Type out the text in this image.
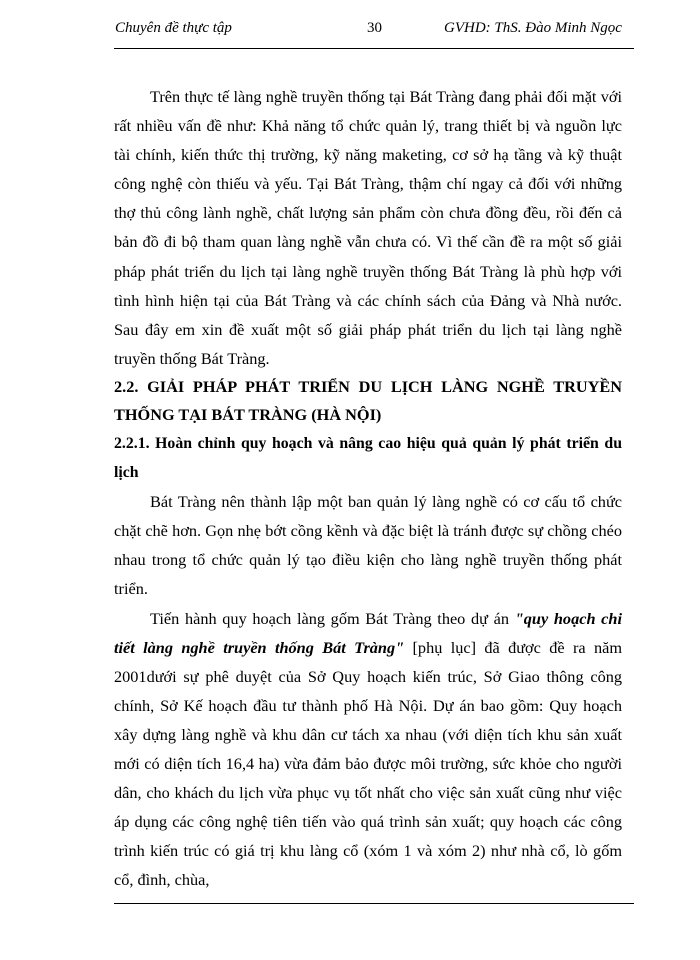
Chuyên đề thực tập	30	GVHD: ThS. Đào Minh Ngọc

Trên thực tế làng nghề truyền thống tại Bát Tràng đang phải đối mặt với rất nhiều vấn đề như: Khả năng tổ chức quản lý, trang thiết bị và nguồn lực tài chính, kiến thức thị trường, kỹ năng maketing, cơ sở hạ tầng và kỹ thuật công nghệ còn thiếu và yếu. Tại Bát Tràng, thậm chí ngay cả đối với những thợ thủ công lành nghề, chất lượng sản phẩm còn chưa đồng đều, rồi đến cả bản đồ đi bộ tham quan làng nghề vẫn chưa có. Vì thế cần đề ra một số giải pháp phát triển du lịch tại làng nghề truyền thống Bát Tràng là phù hợp với tình hình hiện tại của Bát Tràng và các chính sách của Đảng và Nhà nước. Sau đây em xin đề xuất một số giải pháp phát triển du lịch tại làng nghề truyền thống Bát Tràng.

2.2. GIẢI PHÁP PHÁT TRIỂN DU LỊCH LÀNG NGHỀ TRUYỀN THỐNG TẠI BÁT TRÀNG (HÀ NỘI)

2.2.1. Hoàn chỉnh quy hoạch và nâng cao hiệu quả quản lý phát triển du lịch

Bát Tràng nên thành lập một ban quản lý làng nghề có cơ cấu tổ chức chặt chẽ hơn. Gọn nhẹ bớt cồng kềnh và đặc biệt là tránh được sự chồng chéo nhau trong tổ chức quản lý tạo điều kiện cho làng nghề truyền thống phát triển.

Tiến hành quy hoạch làng gốm Bát Tràng theo dự án "quy hoạch chi tiết làng nghề truyền thống Bát Tràng" [phụ lục] đã được đề ra năm 2001dưới sự phê duyệt của Sở Quy hoạch kiến trúc, Sở Giao thông công chính, Sở Kế hoạch đầu tư thành phố Hà Nội. Dự án bao gồm: Quy hoạch xây dựng làng nghề và khu dân cư tách xa nhau (với diện tích khu sản xuất mới có diện tích 16,4 ha) vừa đảm bảo được môi trường, sức khỏe cho người dân, cho khách du lịch vừa phục vụ tốt nhất cho việc sản xuất cũng như việc áp dụng các công nghệ tiên tiến vào quá trình sản xuất; quy hoạch các công trình kiến trúc có giá trị khu làng cổ (xóm 1 và xóm 2) như nhà cổ, lò gốm cổ, đình, chùa,
